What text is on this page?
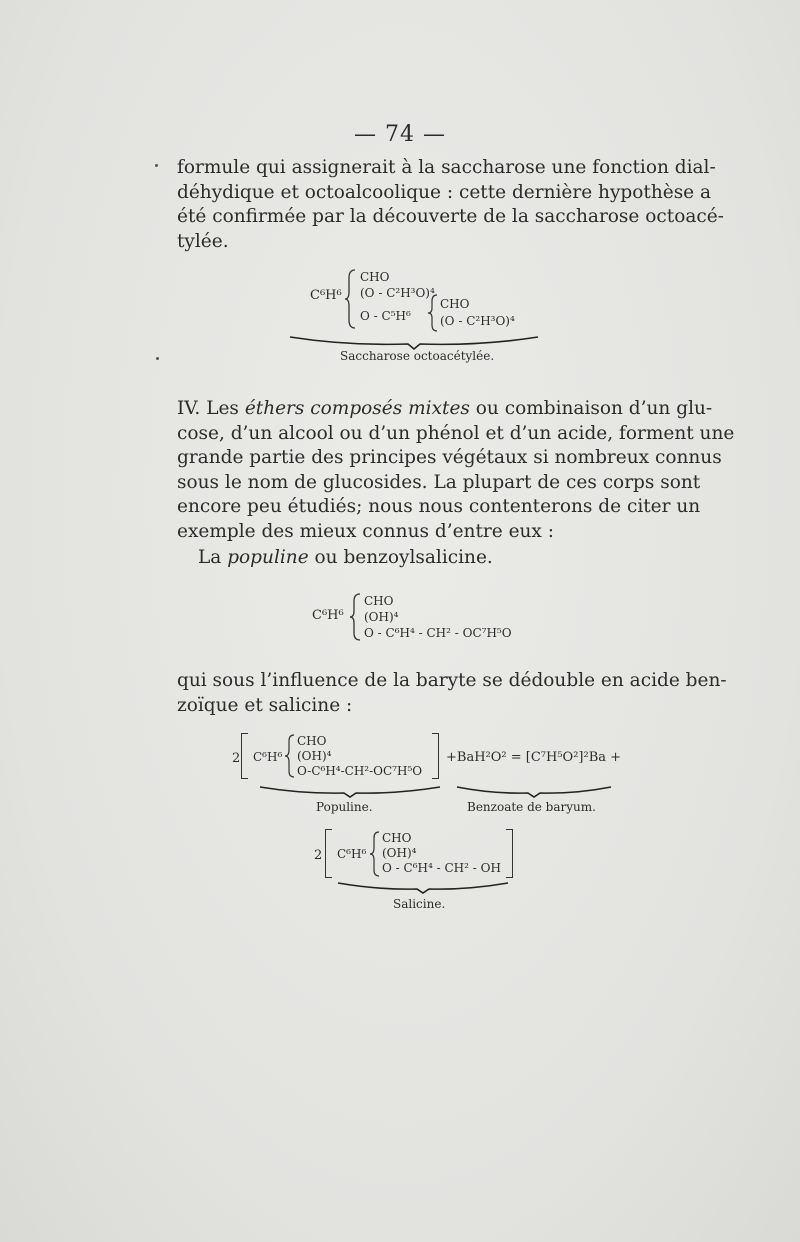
— 74 —

formule qui assignerait à la saccharose une fonction dial-
déhydique et octoalcoolique : cette dernière hypothèse a
été confirmée par la découverte de la saccharose octoacé-
tylée.

C⁶H⁶
CHO
(O - C²H³O)⁴
O - C⁵H⁶
CHO
(O - C²H³O)⁴
Saccharose octoacétylée.

IV. Les éthers composés mixtes ou combinaison d’un glu-
cose, d’un alcool ou d’un phénol et d’un acide, forment une
grande partie des principes végétaux si nombreux connus
sous le nom de glucosides. La plupart de ces corps sont
encore peu étudiés; nous nous contenterons de citer un
exemple des mieux connus d’entre eux :

La populine ou benzoylsalicine.

C⁶H⁶
CHO
(OH)⁴
O - C⁶H⁴ - CH² - OC⁷H⁵O

qui sous l’influence de la baryte se dédouble en acide ben-
zoïque et salicine :

2 C⁶H⁶
CHO
(OH)⁴
O-C⁶H⁴-CH²-OC⁷H⁵O
+BaH²O² = [C⁷H⁵O²]²Ba +
Populine.	Benzoate de baryum.
2 C⁶H⁶
CHO
(OH)⁴
O - C⁶H⁴ - CH² - OH
Salicine.
